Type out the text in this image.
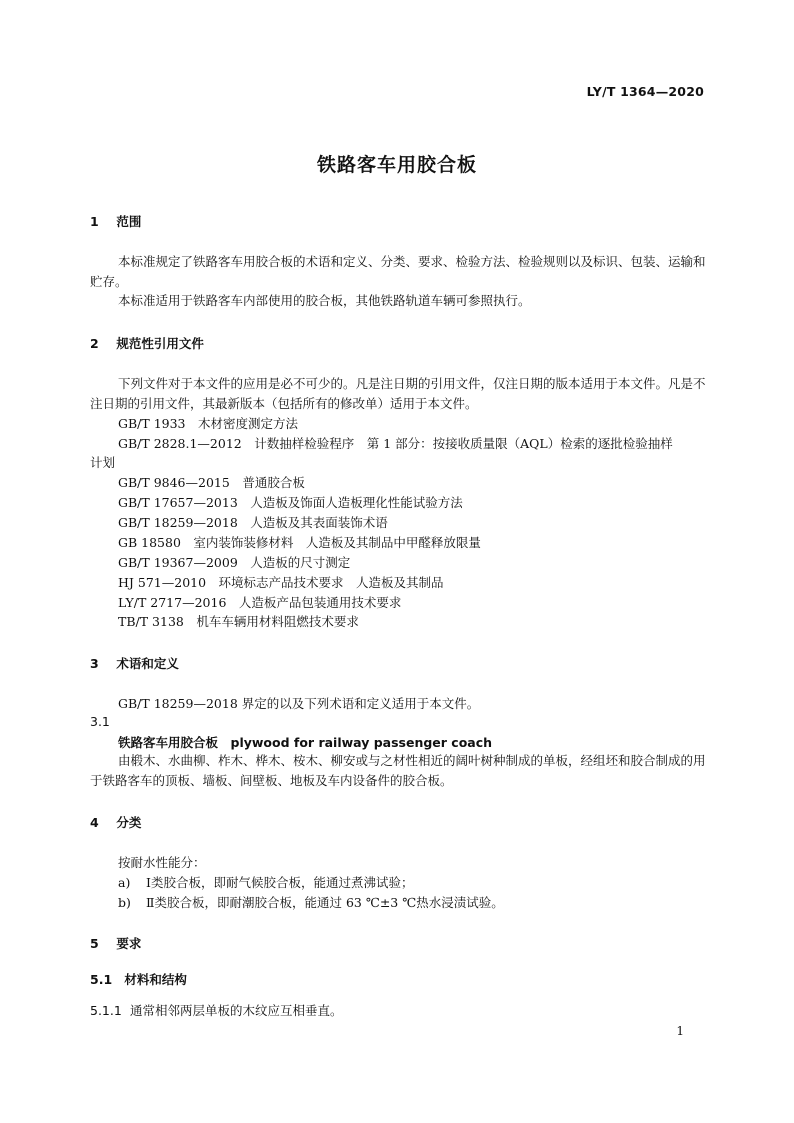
LY/T 1364—2020
铁路客车用胶合板
1 范围
本标准规定了铁路客车用胶合板的术语和定义、分类、要求、检验方法、检验规则以及标识、包装、运输和贮存。
本标准适用于铁路客车内部使用的胶合板，其他铁路轨道车辆可参照执行。
2 规范性引用文件
下列文件对于本文件的应用是必不可少的。凡是注日期的引用文件，仅注日期的版本适用于本文件。凡是不注日期的引用文件，其最新版本（包括所有的修改单）适用于本文件。
GB/T 1933　木材密度测定方法
GB/T 2828.1—2012　计数抽样检验程序　第 1 部分：按接收质量限（AQL）检索的逐批检验抽样
计划
GB/T 9846—2015　普通胶合板
GB/T 17657—2013　人造板及饰面人造板理化性能试验方法
GB/T 18259—2018　人造板及其表面装饰术语
GB 18580　室内装饰装修材料　人造板及其制品中甲醛释放限量
GB/T 19367—2009　人造板的尺寸测定
HJ 571—2010　环境标志产品技术要求　人造板及其制品
LY/T 2717—2016　人造板产品包装通用技术要求
TB/T 3138　机车车辆用材料阻燃技术要求
3 术语和定义
GB/T 18259—2018 界定的以及下列术语和定义适用于本文件。
3.1
铁路客车用胶合板　plywood for railway passenger coach
由椴木、水曲柳、柞木、桦木、桉木、柳安或与之材性相近的阔叶树种制成的单板，经组坯和胶合制成的用于铁路客车的顶板、墙板、间壁板、地板及车内设备件的胶合板。
4 分类
按耐水性能分：
a) Ⅰ类胶合板，即耐气候胶合板，能通过煮沸试验；
b) Ⅱ类胶合板，即耐潮胶合板，能通过 63 ℃±3 ℃热水浸渍试验。
5 要求
5.1 材料和结构
5.1.1 通常相邻两层单板的木纹应互相垂直。
1
